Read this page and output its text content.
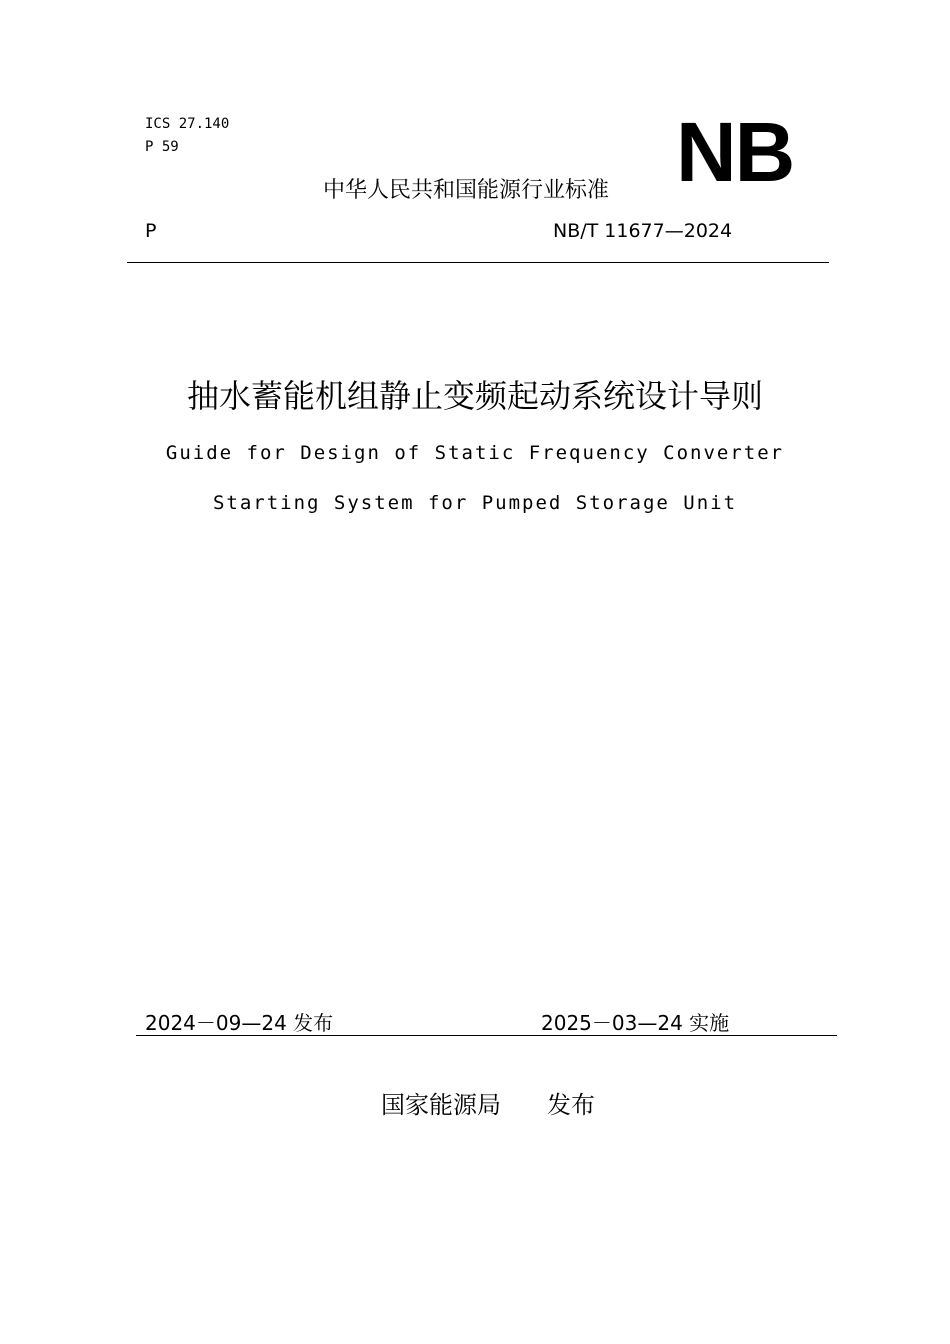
ICS 27.140
P 59	NB
中华人民共和国能源行业标准
P	NB/T 11677—2024
抽水蓄能机组静止变频起动系统设计导则
Guide for Design of Static Frequency Converter
Starting System for Pumped Storage Unit
2024－09—24 发布	2025－03—24 实施
国家能源局 发布
